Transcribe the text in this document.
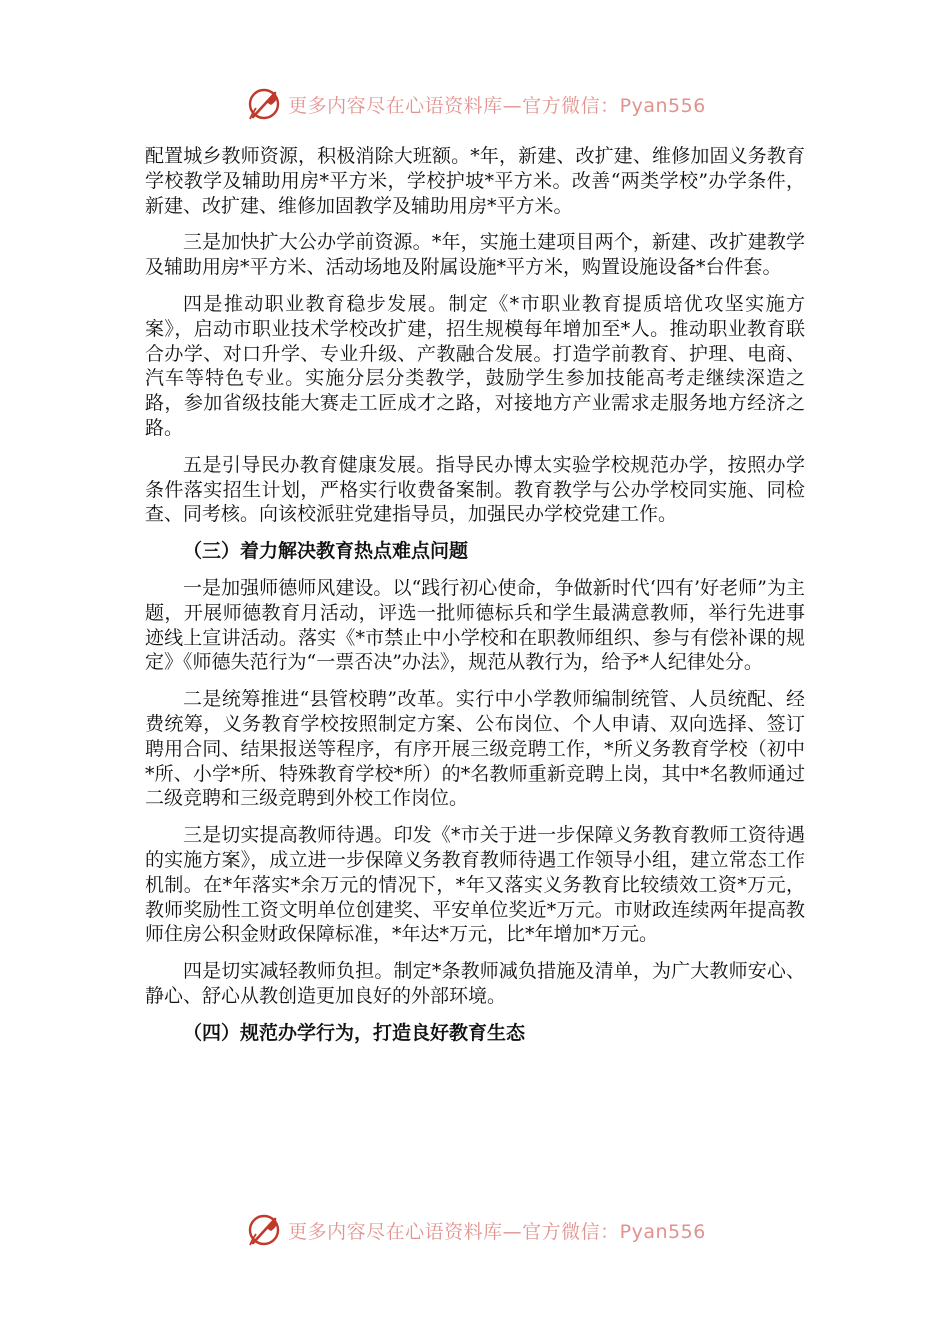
更多内容尽在心语资料库—官方微信：Pyan556

配置城乡教师资源，积极消除大班额。*年，新建、改扩建、维修加固义务教育学校教学及辅助用房*平方米，学校护坡*平方米。改善“两类学校”办学条件，新建、改扩建、维修加固教学及辅助用房*平方米。

三是加快扩大公办学前资源。*年，实施土建项目两个，新建、改扩建教学及辅助用房*平方米、活动场地及附属设施*平方米，购置设施设备*台件套。

四是推动职业教育稳步发展。制定《*市职业教育提质培优攻坚实施方案》，启动市职业技术学校改扩建，招生规模每年增加至*人。推动职业教育联合办学、对口升学、专业升级、产教融合发展。打造学前教育、护理、电商、汽车等特色专业。实施分层分类教学，鼓励学生参加技能高考走继续深造之路，参加省级技能大赛走工匠成才之路，对接地方产业需求走服务地方经济之路。

五是引导民办教育健康发展。指导民办博太实验学校规范办学，按照办学条件落实招生计划，严格实行收费备案制。教育教学与公办学校同实施、同检查、同考核。向该校派驻党建指导员，加强民办学校党建工作。

（三）着力解决教育热点难点问题

一是加强师德师风建设。以“践行初心使命，争做新时代‘四有’好老师”为主题，开展师德教育月活动，评选一批师德标兵和学生最满意教师，举行先进事迹线上宣讲活动。落实《*市禁止中小学校和在职教师组织、参与有偿补课的规定》《师德失范行为“一票否决”办法》，规范从教行为，给予*人纪律处分。

二是统筹推进“县管校聘”改革。实行中小学教师编制统管、人员统配、经费统筹，义务教育学校按照制定方案、公布岗位、个人申请、双向选择、签订聘用合同、结果报送等程序，有序开展三级竞聘工作，*所义务教育学校（初中*所、小学*所、特殊教育学校*所）的*名教师重新竞聘上岗，其中*名教师通过二级竞聘和三级竞聘到外校工作岗位。

三是切实提高教师待遇。印发《*市关于进一步保障义务教育教师工资待遇的实施方案》，成立进一步保障义务教育教师待遇工作领导小组，建立常态工作机制。在*年落实*余万元的情况下，*年又落实义务教育比较绩效工资*万元，教师奖励性工资文明单位创建奖、平安单位奖近*万元。市财政连续两年提高教师住房公积金财政保障标准，*年达*万元，比*年增加*万元。

四是切实减轻教师负担。制定*条教师减负措施及清单，为广大教师安心、静心、舒心从教创造更加良好的外部环境。

（四）规范办学行为，打造良好教育生态
更多内容尽在心语资料库—官方微信：Pyan556
